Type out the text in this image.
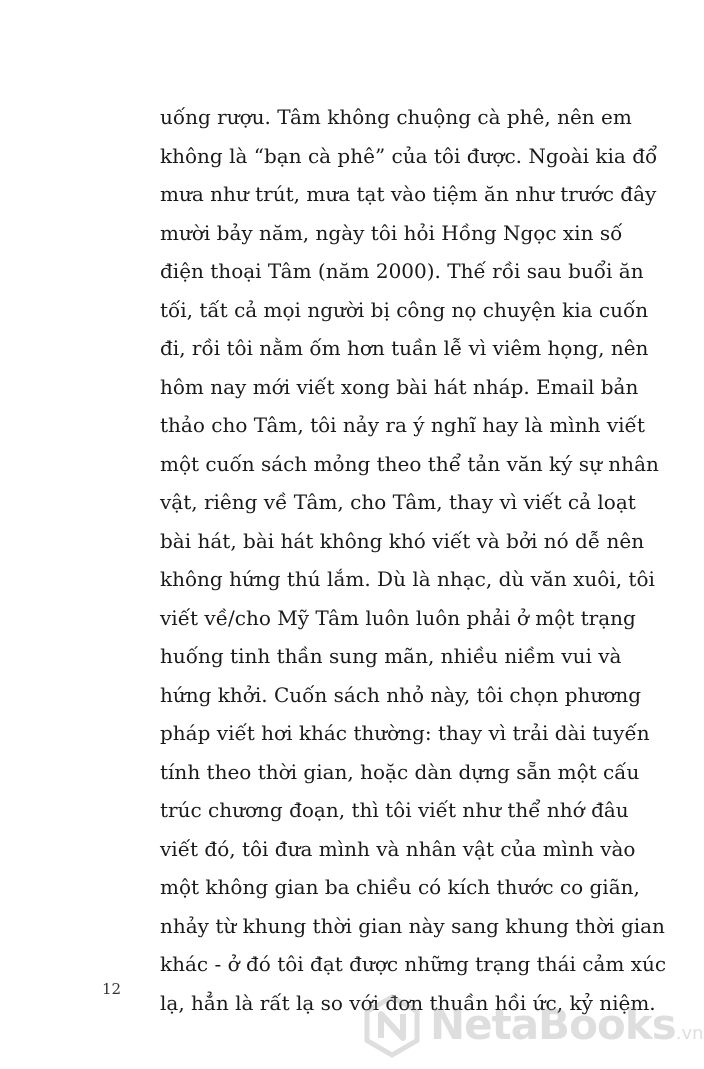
uống rượu. Tâm không chuộng cà phê, nên em
không là “bạn cà phê” của tôi được. Ngoài kia đổ
mưa như trút, mưa tạt vào tiệm ăn như trước đây
mười bảy năm, ngày tôi hỏi Hồng Ngọc xin số
điện thoại Tâm (năm 2000). Thế rồi sau buổi ăn
tối, tất cả mọi người bị công nọ chuyện kia cuốn
đi, rồi tôi nằm ốm hơn tuần lễ vì viêm họng, nên
hôm nay mới viết xong bài hát nháp. Email bản
thảo cho Tâm, tôi nảy ra ý nghĩ hay là mình viết
một cuốn sách mỏng theo thể tản văn ký sự nhân
vật, riêng về Tâm, cho Tâm, thay vì viết cả loạt
bài hát, bài hát không khó viết và bởi nó dễ nên
không hứng thú lắm. Dù là nhạc, dù văn xuôi, tôi
viết về/cho Mỹ Tâm luôn luôn phải ở một trạng
huống tinh thần sung mãn, nhiều niềm vui và
hứng khởi. Cuốn sách nhỏ này, tôi chọn phương
pháp viết hơi khác thường: thay vì trải dài tuyến
tính theo thời gian, hoặc dàn dựng sẵn một cấu
trúc chương đoạn, thì tôi viết như thể nhớ đâu
viết đó, tôi đưa mình và nhân vật của mình vào
một không gian ba chiều có kích thước co giãn,
nhảy từ khung thời gian này sang khung thời gian
khác - ở đó tôi đạt được những trạng thái cảm xúc
lạ, hẳn là rất lạ so với đơn thuần hồi ức, kỷ niệm.
12
NetaBooks.vn
